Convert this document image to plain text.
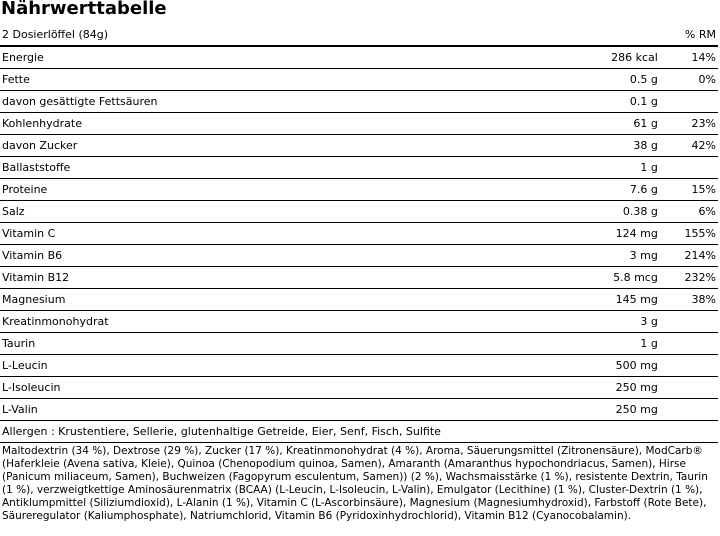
Nährwerttabelle
2 Dosierlöffel (84g)		% RM
Energie	286 kcal	14%
Fette	0.5 g	0%
davon gesättigte Fettsäuren	0.1 g	
Kohlenhydrate	61 g	23%
davon Zucker	38 g	42%
Ballaststoffe	1 g	
Proteine	7.6 g	15%
Salz	0.38 g	6%
Vitamin C	124 mg	155%
Vitamin B6	3 mg	214%
Vitamin B12	5.8 mcg	232%
Magnesium	145 mg	38%
Kreatinmonohydrat	3 g	
Taurin	1 g	
L-Leucin	500 mg	
L-Isoleucin	250 mg	
L-Valin	250 mg	
Allergen : Krustentiere, Sellerie, glutenhaltige Getreide, Eier, Senf, Fisch, Sulfite
Maltodextrin (34 %), Dextrose (29 %), Zucker (17 %), Kreatinmonohydrat (4 %), Aroma, Säuerungsmittel (Zitronensäure), ModCarb® (Haferkleie (Avena sativa, Kleie), Quinoa (Chenopodium quinoa, Samen), Amaranth (Amaranthus hypochondriacus, Samen), Hirse (Panicum miliaceum, Samen), Buchweizen (Fagopyrum esculentum, Samen)) (2 %), Wachsmaisstärke (1 %), resistente Dextrin, Taurin (1 %), verzweigtkettige Aminosäurenmatrix (BCAA) (L-Leucin, L-Isoleucin, L-Valin), Emulgator (Lecithine) (1 %), Cluster-Dextrin (1 %), Antiklumpmittel (Siliziumdioxid), L-Alanin (1 %), Vitamin C (L-Ascorbinsäure), Magnesium (Magnesiumhydroxid), Farbstoff (Rote Bete), Säureregulator (Kaliumphosphate), Natriumchlorid, Vitamin B6 (Pyridoxinhydrochlorid), Vitamin B12 (Cyanocobalamin).
